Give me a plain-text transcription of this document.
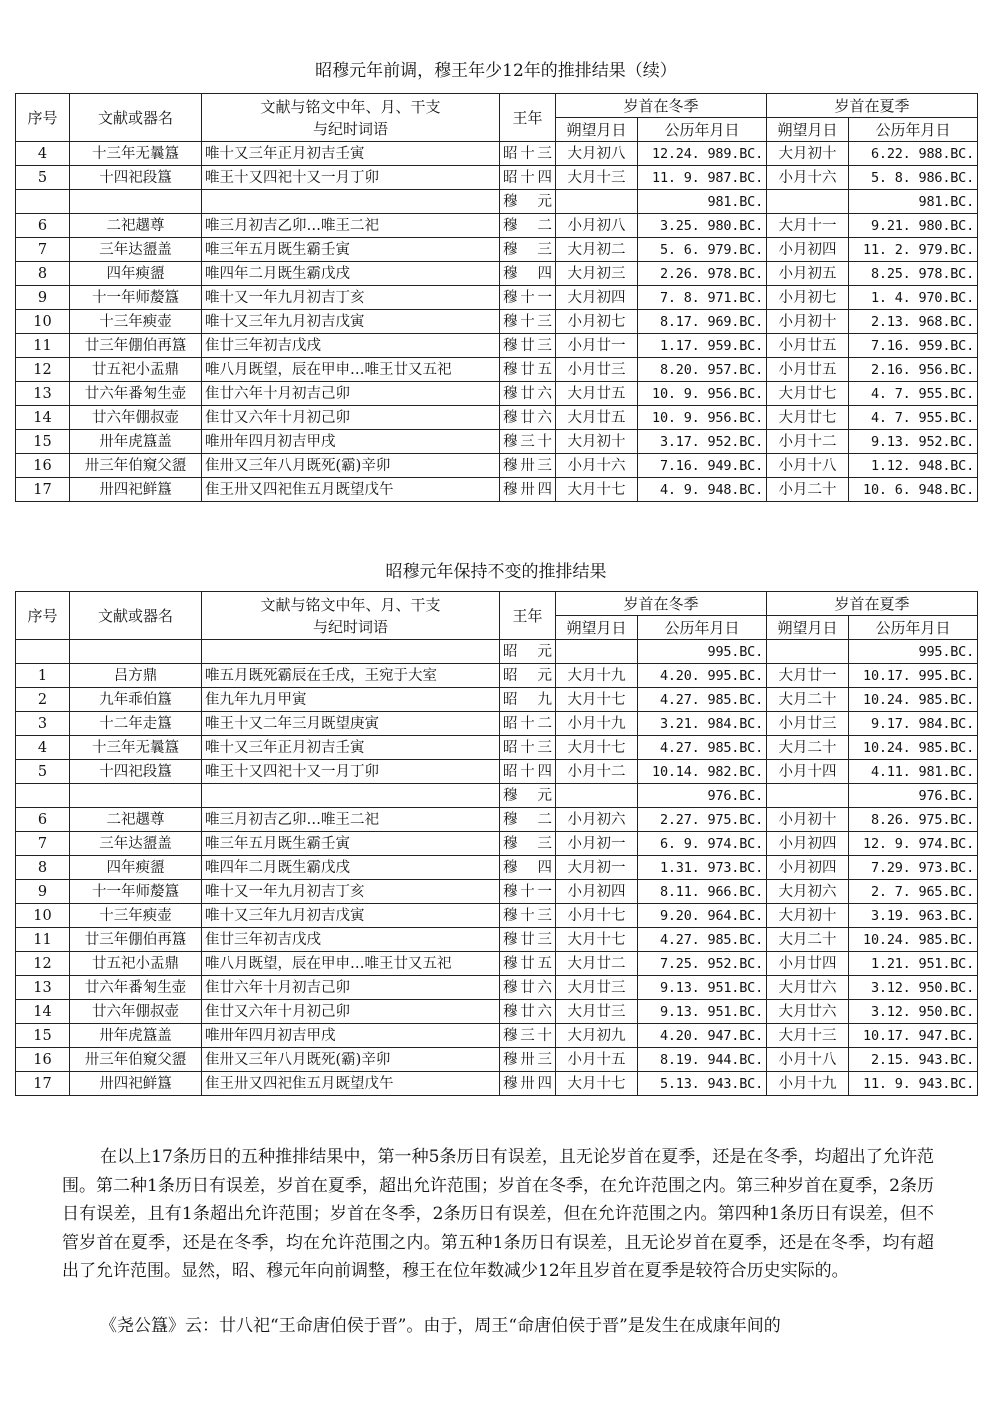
昭穆元年前调，穆王年少12年的推排结果（续）
序号	文献或器名	文献与铭文中年、月、干支
与纪时词语	王年	岁首在冬季		岁首在夏季	
				朔望月日	公历年月日	朔望月日	公历年月日
4	十三年无曩簋	唯十又三年正月初吉壬寅	昭十三	大月初八	12.24. 989.BC.	大月初十	6.22. 988.BC.
5	十四祀段簋	唯王十又四祀十又一月丁卯	昭十四	大月十三	11. 9. 987.BC.	小月十六	5. 8. 986.BC.
			穆 元		981.BC.		981.BC.
6	二祀趩尊	唯三月初吉乙卯…唯王二祀	穆 二	小月初八	3.25. 980.BC.	大月十一	9.21. 980.BC.
7	三年达盨盖	唯三年五月既生霸壬寅	穆 三	大月初二	5. 6. 979.BC.	小月初四	11. 2. 979.BC.
8	四年瘐盨	唯四年二月既生霸戊戌	穆 四	大月初三	2.26. 978.BC.	小月初五	8.25. 978.BC.
9	十一年师嫠簋	唯十又一年九月初吉丁亥	穆十一	大月初四	7. 8. 971.BC.	小月初七	1. 4. 970.BC.
10	十三年瘐壶	唯十又三年九月初吉戊寅	穆十三	小月初七	8.17. 969.BC.	小月初十	2.13. 968.BC.
11	廿三年倗伯再簋	隹廿三年初吉戊戌	穆廿三	小月廿一	1.17. 959.BC.	小月廿五	7.16. 959.BC.
12	廿五祀小盂鼎	唯八月既望，辰在甲申…唯王廿又五祀	穆廿五	小月廿三	8.20. 957.BC.	小月廿五	2.16. 956.BC.
13	廿六年番匊生壶	隹廿六年十月初吉己卯	穆廿六	大月廿五	10. 9. 956.BC.	大月廿七	4. 7. 955.BC.
14	廿六年倗叔壶	隹廿又六年十月初己卯	穆廿六	大月廿五	10. 9. 956.BC.	大月廿七	4. 7. 955.BC.
15	卅年虎簋盖	唯卅年四月初吉甲戌	穆三十	大月初十	3.17. 952.BC.	小月十二	9.13. 952.BC.
16	卅三年伯窺父盨	隹卅又三年八月既死(霸)辛卯	穆卅三	小月十六	7.16. 949.BC.	小月十八	1.12. 948.BC.
17	卅四祀鲜簋	隹王卅又四祀隹五月既望戊午	穆卅四	大月十七	4. 9. 948.BC.	小月二十	10. 6. 948.BC.
昭穆元年保持不变的推排结果
序号	文献或器名	文献与铭文中年、月、干支
与纪时词语	王年	岁首在冬季		岁首在夏季	
				朔望月日	公历年月日	朔望月日	公历年月日
			昭 元		995.BC.		995.BC.
1	吕方鼎	唯五月既死霸辰在壬戌，王宛于大室	昭 元	大月十九	4.20. 995.BC.	大月廿一	10.17. 995.BC.
2	九年乖伯簋	隹九年九月甲寅	昭 九	大月十七	4.27. 985.BC.	大月二十	10.24. 985.BC.
3	十二年走簋	唯王十又二年三月既望庚寅	昭十二	小月十九	3.21. 984.BC.	小月廿三	9.17. 984.BC.
4	十三年无曩簋	唯十又三年正月初吉壬寅	昭十三	大月十七	4.27. 985.BC.	大月二十	10.24. 985.BC.
5	十四祀段簋	唯王十又四祀十又一月丁卯	昭十四	小月十二	10.14. 982.BC.	小月十四	4.11. 981.BC.
			穆 元		976.BC.		976.BC.
6	二祀趩尊	唯三月初吉乙卯…唯王二祀	穆 二	小月初六	2.27. 975.BC.	小月初十	8.26. 975.BC.
7	三年达盨盖	唯三年五月既生霸壬寅	穆 三	小月初一	6. 9. 974.BC.	小月初四	12. 9. 974.BC.
8	四年瘐盨	唯四年二月既生霸戊戌	穆 四	大月初一	1.31. 973.BC.	小月初四	7.29. 973.BC.
9	十一年师嫠簋	唯十又一年九月初吉丁亥	穆十一	小月初四	8.11. 966.BC.	大月初六	2. 7. 965.BC.
10	十三年瘐壶	唯十又三年九月初吉戊寅	穆十三	小月十七	9.20. 964.BC.	大月初十	3.19. 963.BC.
11	廿三年倗伯再簋	隹廿三年初吉戊戌	穆廿三	大月十七	4.27. 985.BC.	大月二十	10.24. 985.BC.
12	廿五祀小盂鼎	唯八月既望，辰在甲申…唯王廿又五祀	穆廿五	大月廿二	7.25. 952.BC.	小月廿四	1.21. 951.BC.
13	廿六年番匊生壶	隹廿六年十月初吉己卯	穆廿六	大月廿三	9.13. 951.BC.	大月廿六	3.12. 950.BC.
14	廿六年倗叔壶	隹廿又六年十月初己卯	穆廿六	大月廿三	9.13. 951.BC.	大月廿六	3.12. 950.BC.
15	卅年虎簋盖	唯卅年四月初吉甲戌	穆三十	大月初九	4.20. 947.BC.	大月十三	10.17. 947.BC.
16	卅三年伯窺父盨	隹卅又三年八月既死(霸)辛卯	穆卅三	小月十五	8.19. 944.BC.	小月十八	2.15. 943.BC.
17	卅四祀鲜簋	隹王卅又四祀隹五月既望戊午	穆卅四	大月十七	5.13. 943.BC.	小月十九	11. 9. 943.BC.
在以上17条历日的五种推排结果中，第一种5条历日有误差，且无论岁首在夏季，还是在冬季，均超出了允许范围。第二种1条历日有误差，岁首在夏季，超出允许范围；岁首在冬季，在允许范围之内。第三种岁首在夏季，2条历日有误差，且有1条超出允许范围；岁首在冬季，2条历日有误差，但在允许范围之内。第四种1条历日有误差，但不管岁首在夏季，还是在冬季，均在允许范围之内。第五种1条历日有误差，且无论岁首在夏季，还是在冬季，均有超出了允许范围。显然，昭、穆元年向前调整，穆王在位年数减少12年且岁首在夏季是较符合历史实际的。
《尧公簋》云：廿八祀“王命唐伯侯于晋”。由于，周王“命唐伯侯于晋”是发生在成康年间的
